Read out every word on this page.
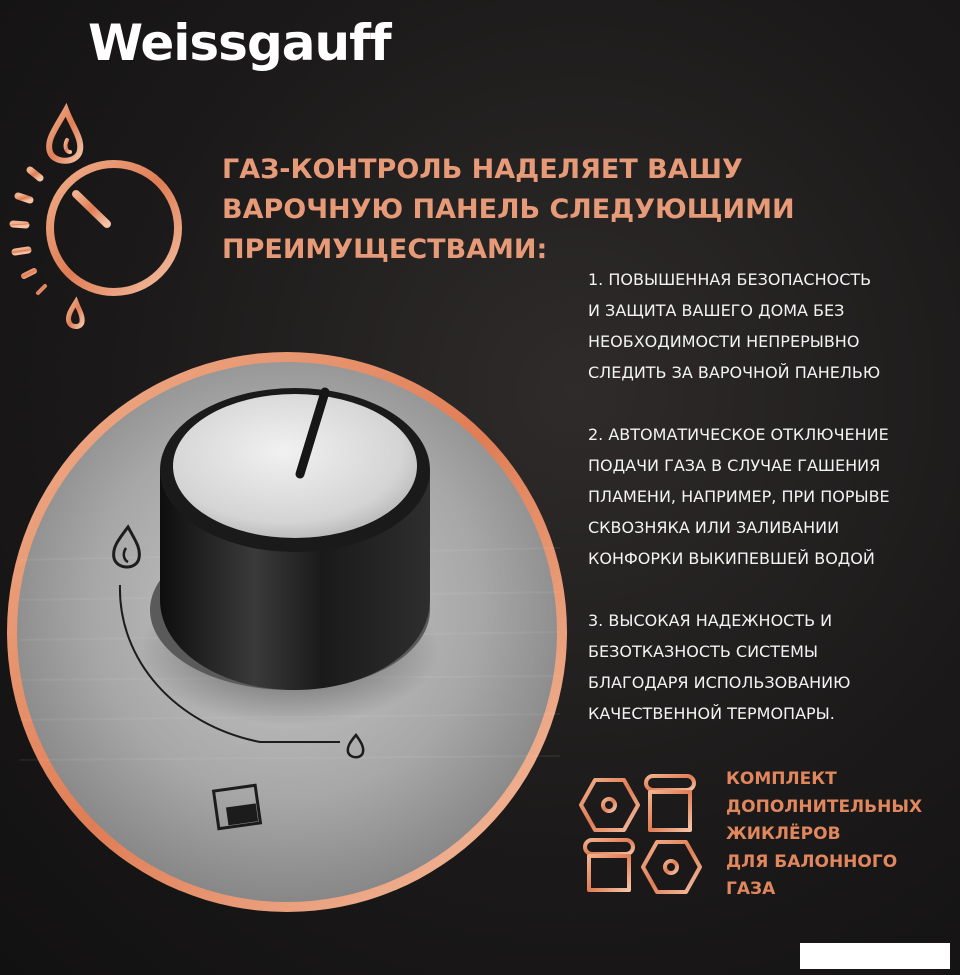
Weissgauff
ГАЗ-КОНТРОЛЬ НАДЕЛЯЕТ ВАШУ
ВАРОЧНУЮ ПАНЕЛЬ СЛЕДУЮЩИМИ
ПРЕИМУЩЕСТВАМИ:
1. ПОВЫШЕННАЯ БЕЗОПАСНОСТЬ
И ЗАЩИТА ВАШЕГО ДОМА БЕЗ
НЕОБХОДИМОСТИ НЕПРЕРЫВНО
СЛЕДИТЬ ЗА ВАРОЧНОЙ ПАНЕЛЬЮ
2. АВТОМАТИЧЕСКОЕ ОТКЛЮЧЕНИЕ
ПОДАЧИ ГАЗА В СЛУЧАЕ ГАШЕНИЯ
ПЛАМЕНИ, НАПРИМЕР, ПРИ ПОРЫВЕ
СКВОЗНЯКА ИЛИ ЗАЛИВАНИИ
КОНФОРКИ ВЫКИПЕВШЕЙ ВОДОЙ
3. ВЫСОКАЯ НАДЕЖНОСТЬ И
БЕЗОТКАЗНОСТЬ СИСТЕМЫ
БЛАГОДАРЯ ИСПОЛЬЗОВАНИЮ
КАЧЕСТВЕННОЙ ТЕРМОПАРЫ.
КОМПЛЕКТ
ДОПОЛНИТЕЛЬНЫХ
ЖИКЛЁРОВ
ДЛЯ БАЛОННОГО
ГАЗА
